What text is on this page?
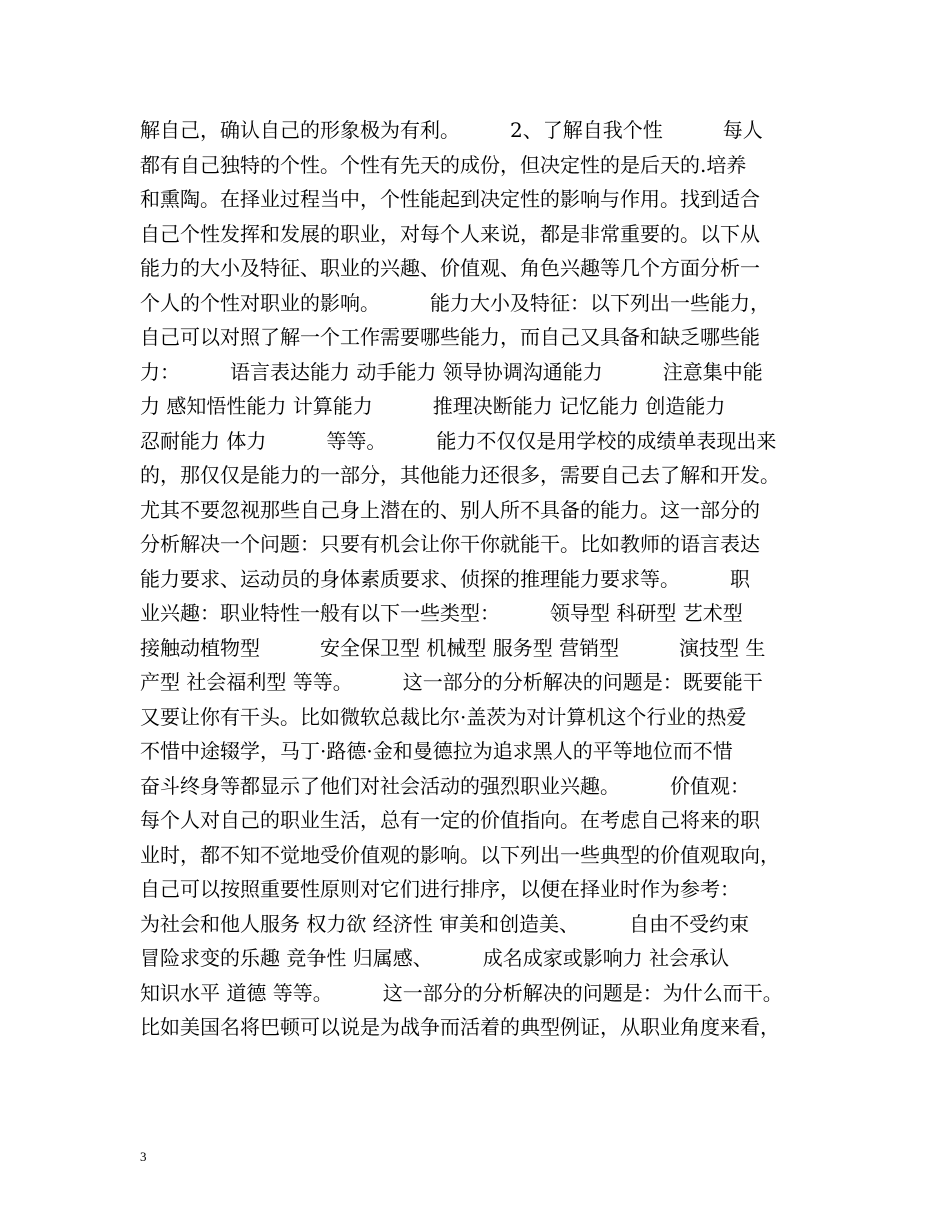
解自己，确认自己的形象极为有利。　　　2、了解自我个性　　　每人
都有自己独特的个性。个性有先天的成份，但决定性的是后天的.培养
和熏陶。在择业过程当中，个性能起到决定性的影响与作用。找到适合
自己个性发挥和发展的职业，对每个人来说，都是非常重要的。以下从
能力的大小及特征、职业的兴趣、价值观、角色兴趣等几个方面分析一
个人的个性对职业的影响。　　　能力大小及特征：以下列出一些能力，
自己可以对照了解一个工作需要哪些能力，而自己又具备和缺乏哪些能
力：　　　语言表达能力 动手能力 领导协调沟通能力　　　注意集中能
力 感知悟性能力 计算能力　　　推理决断能力 记忆能力 创造能力
忍耐能力 体力　　　等等。　　　能力不仅仅是用学校的成绩单表现出来
的，那仅仅是能力的一部分，其他能力还很多，需要自己去了解和开发。
尤其不要忽视那些自己身上潜在的、别人所不具备的能力。这一部分的
分析解决一个问题：只要有机会让你干你就能干。比如教师的语言表达
能力要求、运动员的身体素质要求、侦探的推理能力要求等。　　　职
业兴趣：职业特性一般有以下一些类型：　　　领导型 科研型 艺术型
接触动植物型　　　安全保卫型 机械型 服务型 营销型　　　演技型 生
产型 社会福利型 等等。　　　这一部分的分析解决的问题是：既要能干
又要让你有干头。比如微软总裁比尔·盖茨为对计算机这个行业的热爱
不惜中途辍学，马丁·路德·金和曼德拉为追求黑人的平等地位而不惜
奋斗终身等都显示了他们对社会活动的强烈职业兴趣。　　　价值观：
每个人对自己的职业生活，总有一定的价值指向。在考虑自己将来的职
业时，都不知不觉地受价值观的影响。以下列出一些典型的价值观取向，
自己可以按照重要性原则对它们进行排序，以便在择业时作为参考：
为社会和他人服务 权力欲 经济性 审美和创造美、　　　自由不受约束
冒险求变的乐趣 竞争性 归属感、　　　成名成家或影响力 社会承认
知识水平 道德 等等。　　　这一部分的分析解决的问题是：为什么而干。
比如美国名将巴顿可以说是为战争而活着的典型例证，从职业角度来看，
3
